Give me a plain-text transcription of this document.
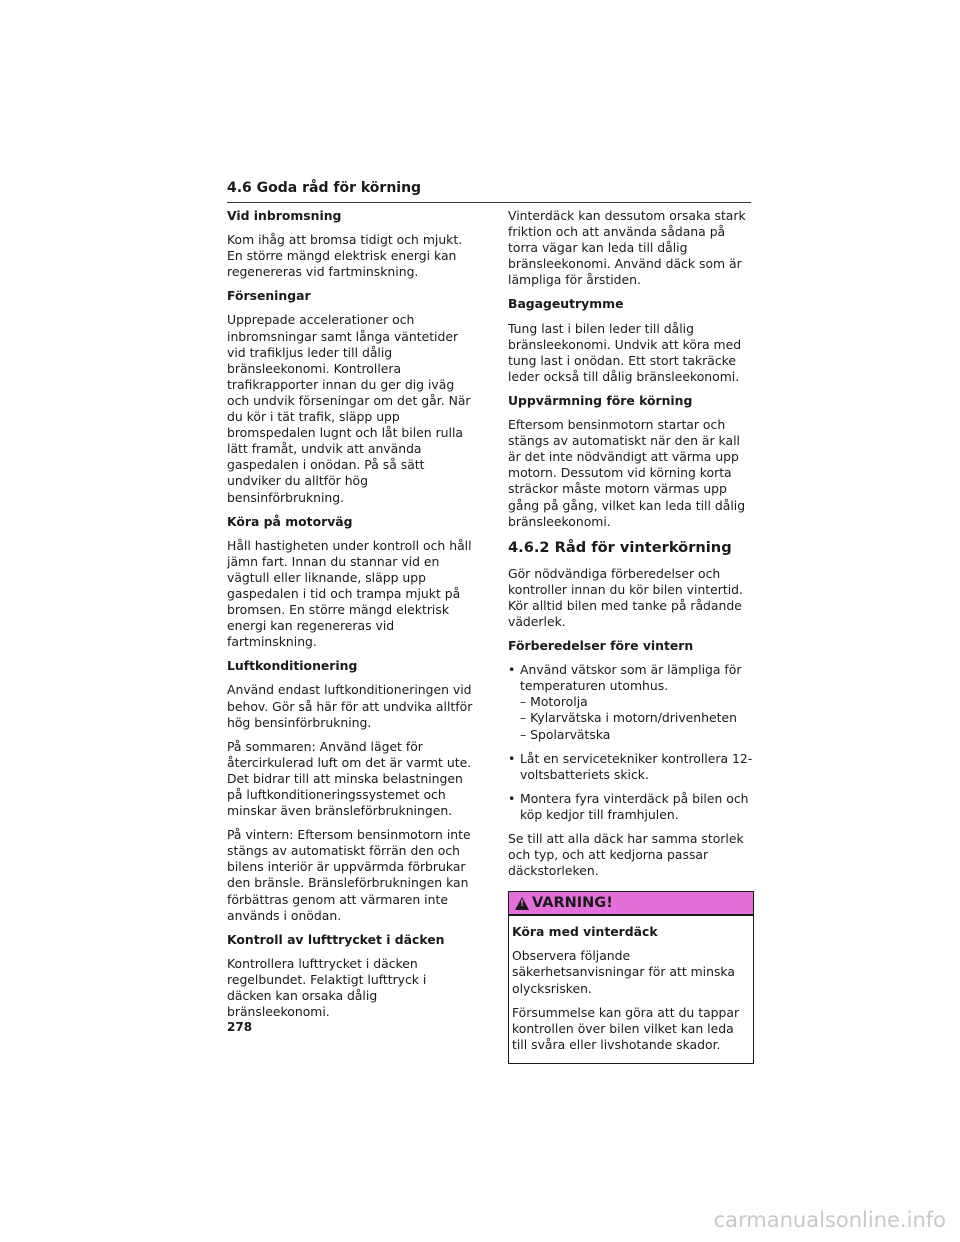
4.6 Goda råd för körning
Vid inbromsning

Kom ihåg att bromsa tidigt och mjukt. En större mängd elektrisk energi kan regenereras vid fartminskning.

Förseningar

Upprepade accelerationer och inbromsningar samt långa väntetider vid trafikljus leder till dålig bränsleekonomi. Kontrollera trafikrapporter innan du ger dig iväg och undvik förseningar om det går. När du kör i tät trafik, släpp upp bromspedalen lugnt och låt bilen rulla lätt framåt, undvik att använda gaspedalen i onödan. På så sätt undviker du alltför hög bensinförbrukning.

Köra på motorväg

Håll hastigheten under kontroll och håll jämn fart. Innan du stannar vid en vägtull eller liknande, släpp upp gaspedalen i tid och trampa mjukt på bromsen. En större mängd elektrisk energi kan regenereras vid fartminskning.

Luftkonditionering

Använd endast luftkonditioneringen vid behov. Gör så här för att undvika alltför hög bensinförbrukning.

På sommaren: Använd läget för återcirkulerad luft om det är varmt ute. Det bidrar till att minska belastningen på luftkonditioneringssystemet och minskar även bränsleförbrukningen.

På vintern: Eftersom bensinmotorn inte stängs av automatiskt förrän den och bilens interiör är uppvärmda förbrukar den bränsle. Bränsleförbrukningen kan förbättras genom att värmaren inte används i onödan.

Kontroll av lufttrycket i däcken

Kontrollera lufttrycket i däcken regelbundet. Felaktigt lufttryck i däcken kan orsaka dålig bränsleekonomi.

Vinterdäck kan dessutom orsaka stark friktion och att använda sådana på torra vägar kan leda till dålig bränsleekonomi. Använd däck som är lämpliga för årstiden.

Bagageutrymme

Tung last i bilen leder till dålig bränsleekonomi. Undvik att köra med tung last i onödan. Ett stort takräcke leder också till dålig bränsleekonomi.

Uppvärmning före körning

Eftersom bensinmotorn startar och stängs av automatiskt när den är kall är det inte nödvändigt att värma upp motorn. Dessutom vid körning korta sträckor måste motorn värmas upp gång på gång, vilket kan leda till dålig bränsleekonomi.

4.6.2 Råd för vinterkörning

Gör nödvändiga förberedelser och kontroller innan du kör bilen vintertid. Kör alltid bilen med tanke på rådande väderlek.

Förberedelser före vintern
• Använd vätskor som är lämpliga för temperaturen utomhus.
– Motorolja
– Kylarvätska i motorn/drivenheten
– Spolarvätska
• Låt en servicetekniker kontrollera 12-voltsbatteriets skick.
• Montera fyra vinterdäck på bilen och köp kedjor till framhjulen.

Se till att alla däck har samma storlek och typ, och att kedjorna passar däckstorleken.

!
VARNING!
Köra med vinterdäck

Observera följande säkerhetsanvisningar för att minska olycksrisken.

Försummelse kan göra att du tappar kontrollen över bilen vilket kan leda till svåra eller livshotande skador.

278
carmanualsonline.info
